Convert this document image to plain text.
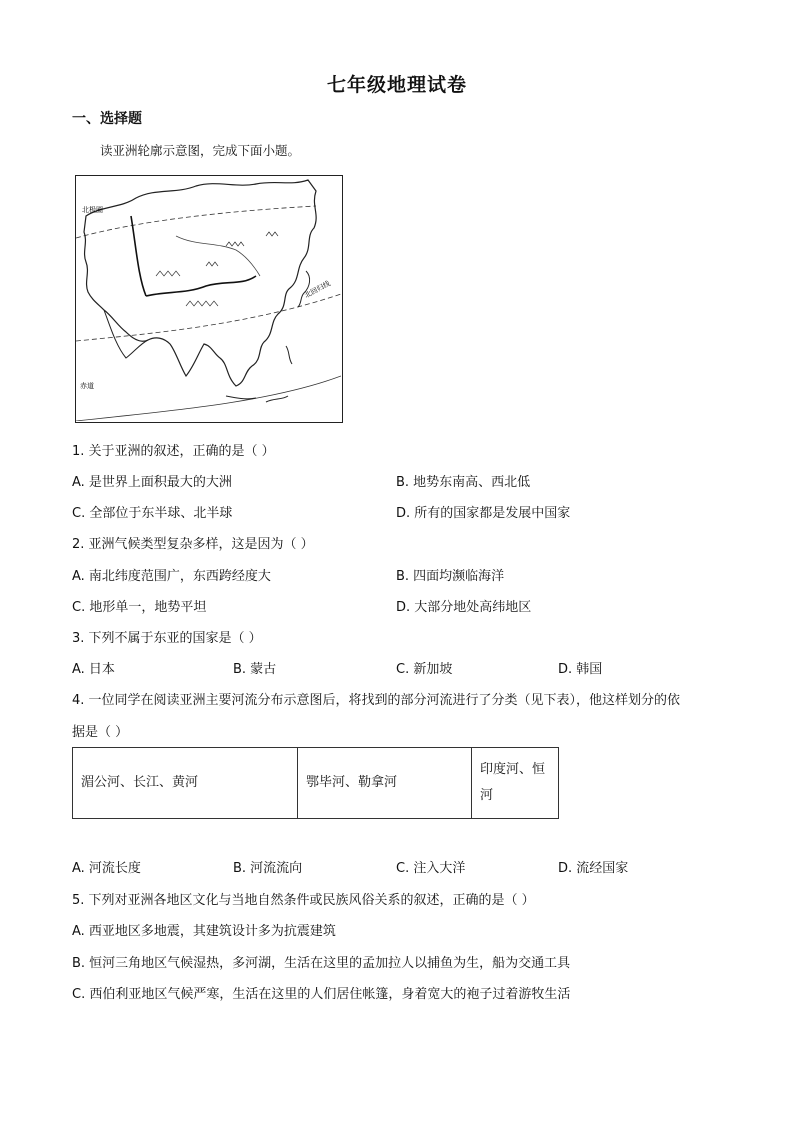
七年级地理试卷
一、选择题
读亚洲轮廓示意图，完成下面小题。
北极圈
北回归线
赤道
1. 关于亚洲的叙述，正确的是（ ）
A. 是世界上面积最大的大洲	B. 地势东南高、西北低
C. 全部位于东半球、北半球	D. 所有的国家都是发展中国家
2. 亚洲气候类型复杂多样，这是因为（ ）
A. 南北纬度范围广，东西跨经度大	B. 四面均濒临海洋
C. 地形单一，地势平坦	D. 大部分地处高纬地区
3. 下列不属于东亚的国家是（ ）
A. 日本	B. 蒙古	C. 新加坡	D. 韩国
4. 一位同学在阅读亚洲主要河流分布示意图后，将找到的部分河流进行了分类（见下表），他这样划分的依
据是（ ）
湄公河、长江、黄河	鄂毕河、勒拿河	印度河、恒
河
A. 河流长度	B. 河流流向	C. 注入大洋	D. 流经国家
5. 下列对亚洲各地区文化与当地自然条件或民族风俗关系的叙述，正确的是（ ）
A. 西亚地区多地震，其建筑设计多为抗震建筑
B. 恒河三角地区气候湿热，多河湖，生活在这里的孟加拉人以捕鱼为生，船为交通工具
C. 西伯利亚地区气候严寒，生活在这里的人们居住帐篷，身着宽大的袍子过着游牧生活
